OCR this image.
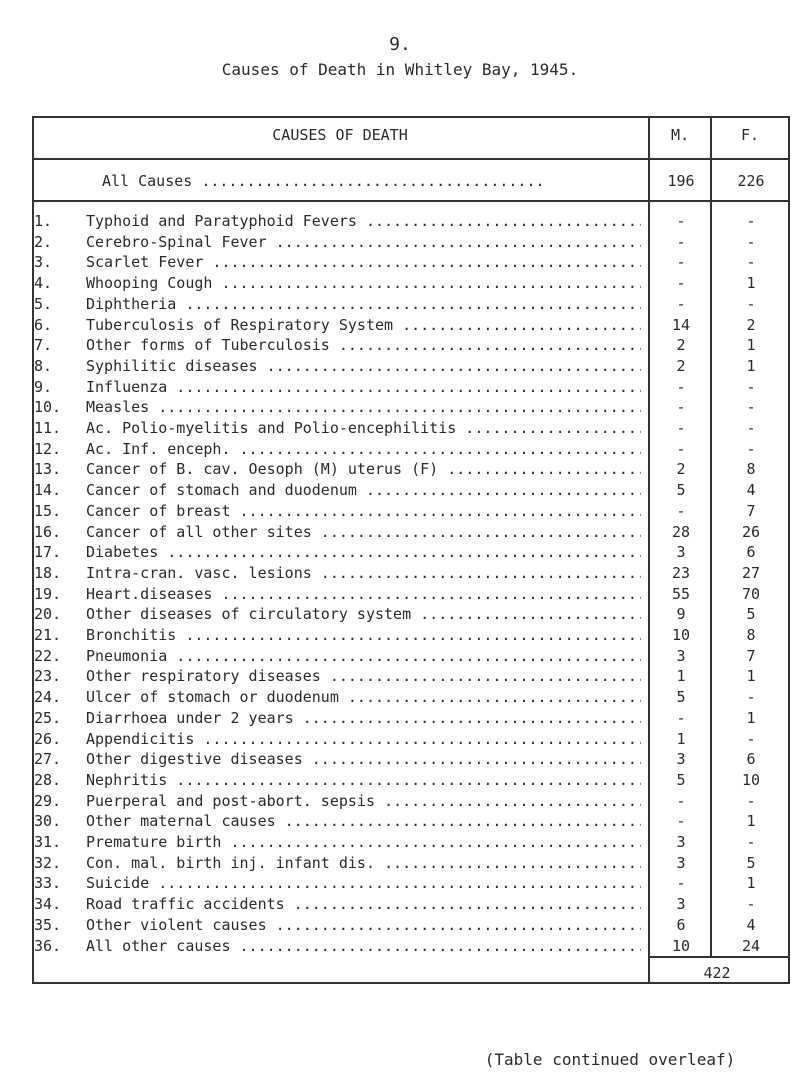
9.
Causes of Death in Whitley Bay, 1945.
CAUSES OF DEATH	M.	F.
All Causes ......................................	196	226
1.	Typhoid and Paratyphoid Fevers .....	-	-
2.	Cerebro-Spinal Fever .....	-	-
3.	Scarlet Fever .....	-	-
4.	Whooping Cough .....	-	1
5.	Diphtheria .....	-	-
6.	Tuberculosis of Respiratory System .....	14	2
7.	Other forms of Tuberculosis .....	2	1
8.	Syphilitic diseases .....	2	1
9.	Influenza .....	-	-
10.	Measles .....	-	-
11.	Ac. Polio-myelitis and Polio-encephilitis .....	-	-
12.	Ac. Inf. enceph. .....	-	-
13.	Cancer of B. cav. Oesoph (M) uterus (F) .....	2	8
14.	Cancer of stomach and duodenum .....	5	4
15.	Cancer of breast .....	-	7
16.	Cancer of all other sites .....	28	26
17.	Diabetes .....	3	6
18.	Intra-cran. vasc. lesions .....	23	27
19.	Heart.diseases .....	55	70
20.	Other diseases of circulatory system .....	9	5
21.	Bronchitis .....	10	8
22.	Pneumonia .....	3	7
23.	Other respiratory diseases .....	1	1
24.	Ulcer of stomach or duodenum .....	5	-
25.	Diarrhoea under 2 years .....	-	1
26.	Appendicitis .....	1	-
27.	Other digestive diseases .....	3	6
28.	Nephritis .....	5	10
29.	Puerperal and post-abort. sepsis .....	-	-
30.	Other maternal causes .....	-	1
31.	Premature birth .....	3	-
32.	Con. mal. birth inj. infant dis. .....	3	5
33.	Suicide .....	-	1
34.	Road traffic accidents .....	3	-
35.	Other violent causes .....	6	4
36.	All other causes .....	10	24
422
(Table continued overleaf)
